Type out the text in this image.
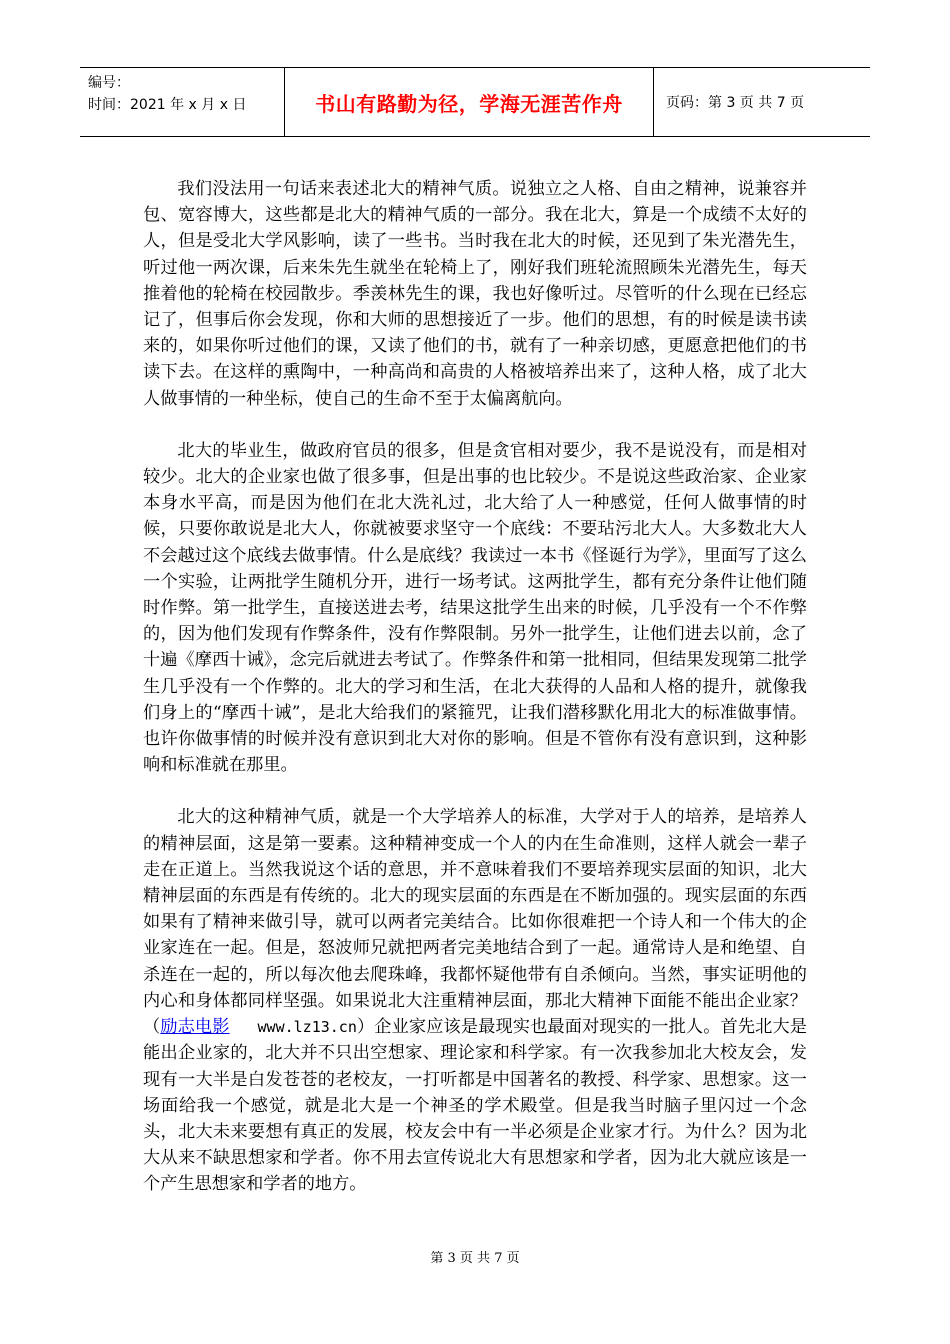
编号：
时间：2021 年 x 月 x 日	书山有路勤为径，学海无涯苦作舟	页码：第 3 页 共 7 页

我们没法用一句话来表述北大的精神气质。说独立之人格、自由之精神，说兼容并包、宽容博大，这些都是北大的精神气质的一部分。我在北大，算是一个成绩不太好的人，但是受北大学风影响，读了一些书。当时我在北大的时候，还见到了朱光潜先生，听过他一两次课，后来朱先生就坐在轮椅上了，刚好我们班轮流照顾朱光潜先生，每天推着他的轮椅在校园散步。季羡林先生的课，我也好像听过。尽管听的什么现在已经忘记了，但事后你会发现，你和大师的思想接近了一步。他们的思想，有的时候是读书读来的，如果你听过他们的课，又读了他们的书，就有了一种亲切感，更愿意把他们的书读下去。在这样的熏陶中，一种高尚和高贵的人格被培养出来了，这种人格，成了北大人做事情的一种坐标，使自己的生命不至于太偏离航向。

北大的毕业生，做政府官员的很多，但是贪官相对要少，我不是说没有，而是相对较少。北大的企业家也做了很多事，但是出事的也比较少。不是说这些政治家、企业家本身水平高，而是因为他们在北大洗礼过，北大给了人一种感觉，任何人做事情的时候，只要你敢说是北大人，你就被要求坚守一个底线：不要玷污北大人。大多数北大人不会越过这个底线去做事情。什么是底线？我读过一本书《怪诞行为学》，里面写了这么一个实验，让两批学生随机分开，进行一场考试。这两批学生，都有充分条件让他们随时作弊。第一批学生，直接送进去考，结果这批学生出来的时候，几乎没有一个不作弊的，因为他们发现有作弊条件，没有作弊限制。另外一批学生，让他们进去以前，念了十遍《摩西十诫》，念完后就进去考试了。作弊条件和第一批相同，但结果发现第二批学生几乎没有一个作弊的。北大的学习和生活，在北大获得的人品和人格的提升，就像我们身上的“摩西十诫”，是北大给我们的紧箍咒，让我们潜移默化用北大的标准做事情。也许你做事情的时候并没有意识到北大对你的影响。但是不管你有没有意识到，这种影响和标准就在那里。

北大的这种精神气质，就是一个大学培养人的标准，大学对于人的培养，是培养人的精神层面，这是第一要素。这种精神变成一个人的内在生命准则，这样人就会一辈子走在正道上。当然我说这个话的意思，并不意味着我们不要培养现实层面的知识，北大精神层面的东西是有传统的。北大的现实层面的东西是在不断加强的。现实层面的东西如果有了精神来做引导，就可以两者完美结合。比如你很难把一个诗人和一个伟大的企业家连在一起。但是，怒波师兄就把两者完美地结合到了一起。通常诗人是和绝望、自杀连在一起的，所以每次他去爬珠峰，我都怀疑他带有自杀倾向。当然，事实证明他的内心和身体都同样坚强。如果说北大注重精神层面，那北大精神下面能不能出企业家？（励志电影 www.lz13.cn）企业家应该是最现实也最面对现实的一批人。首先北大是能出企业家的，北大并不只出空想家、理论家和科学家。有一次我参加北大校友会，发现有一大半是白发苍苍的老校友，一打听都是中国著名的教授、科学家、思想家。这一场面给我一个感觉，就是北大是一个神圣的学术殿堂。但是我当时脑子里闪过一个念头，北大未来要想有真正的发展，校友会中有一半必须是企业家才行。为什么？因为北大从来不缺思想家和学者。你不用去宣传说北大有思想家和学者，因为北大就应该是一个产生思想家和学者的地方。

第 3 页 共 7 页
